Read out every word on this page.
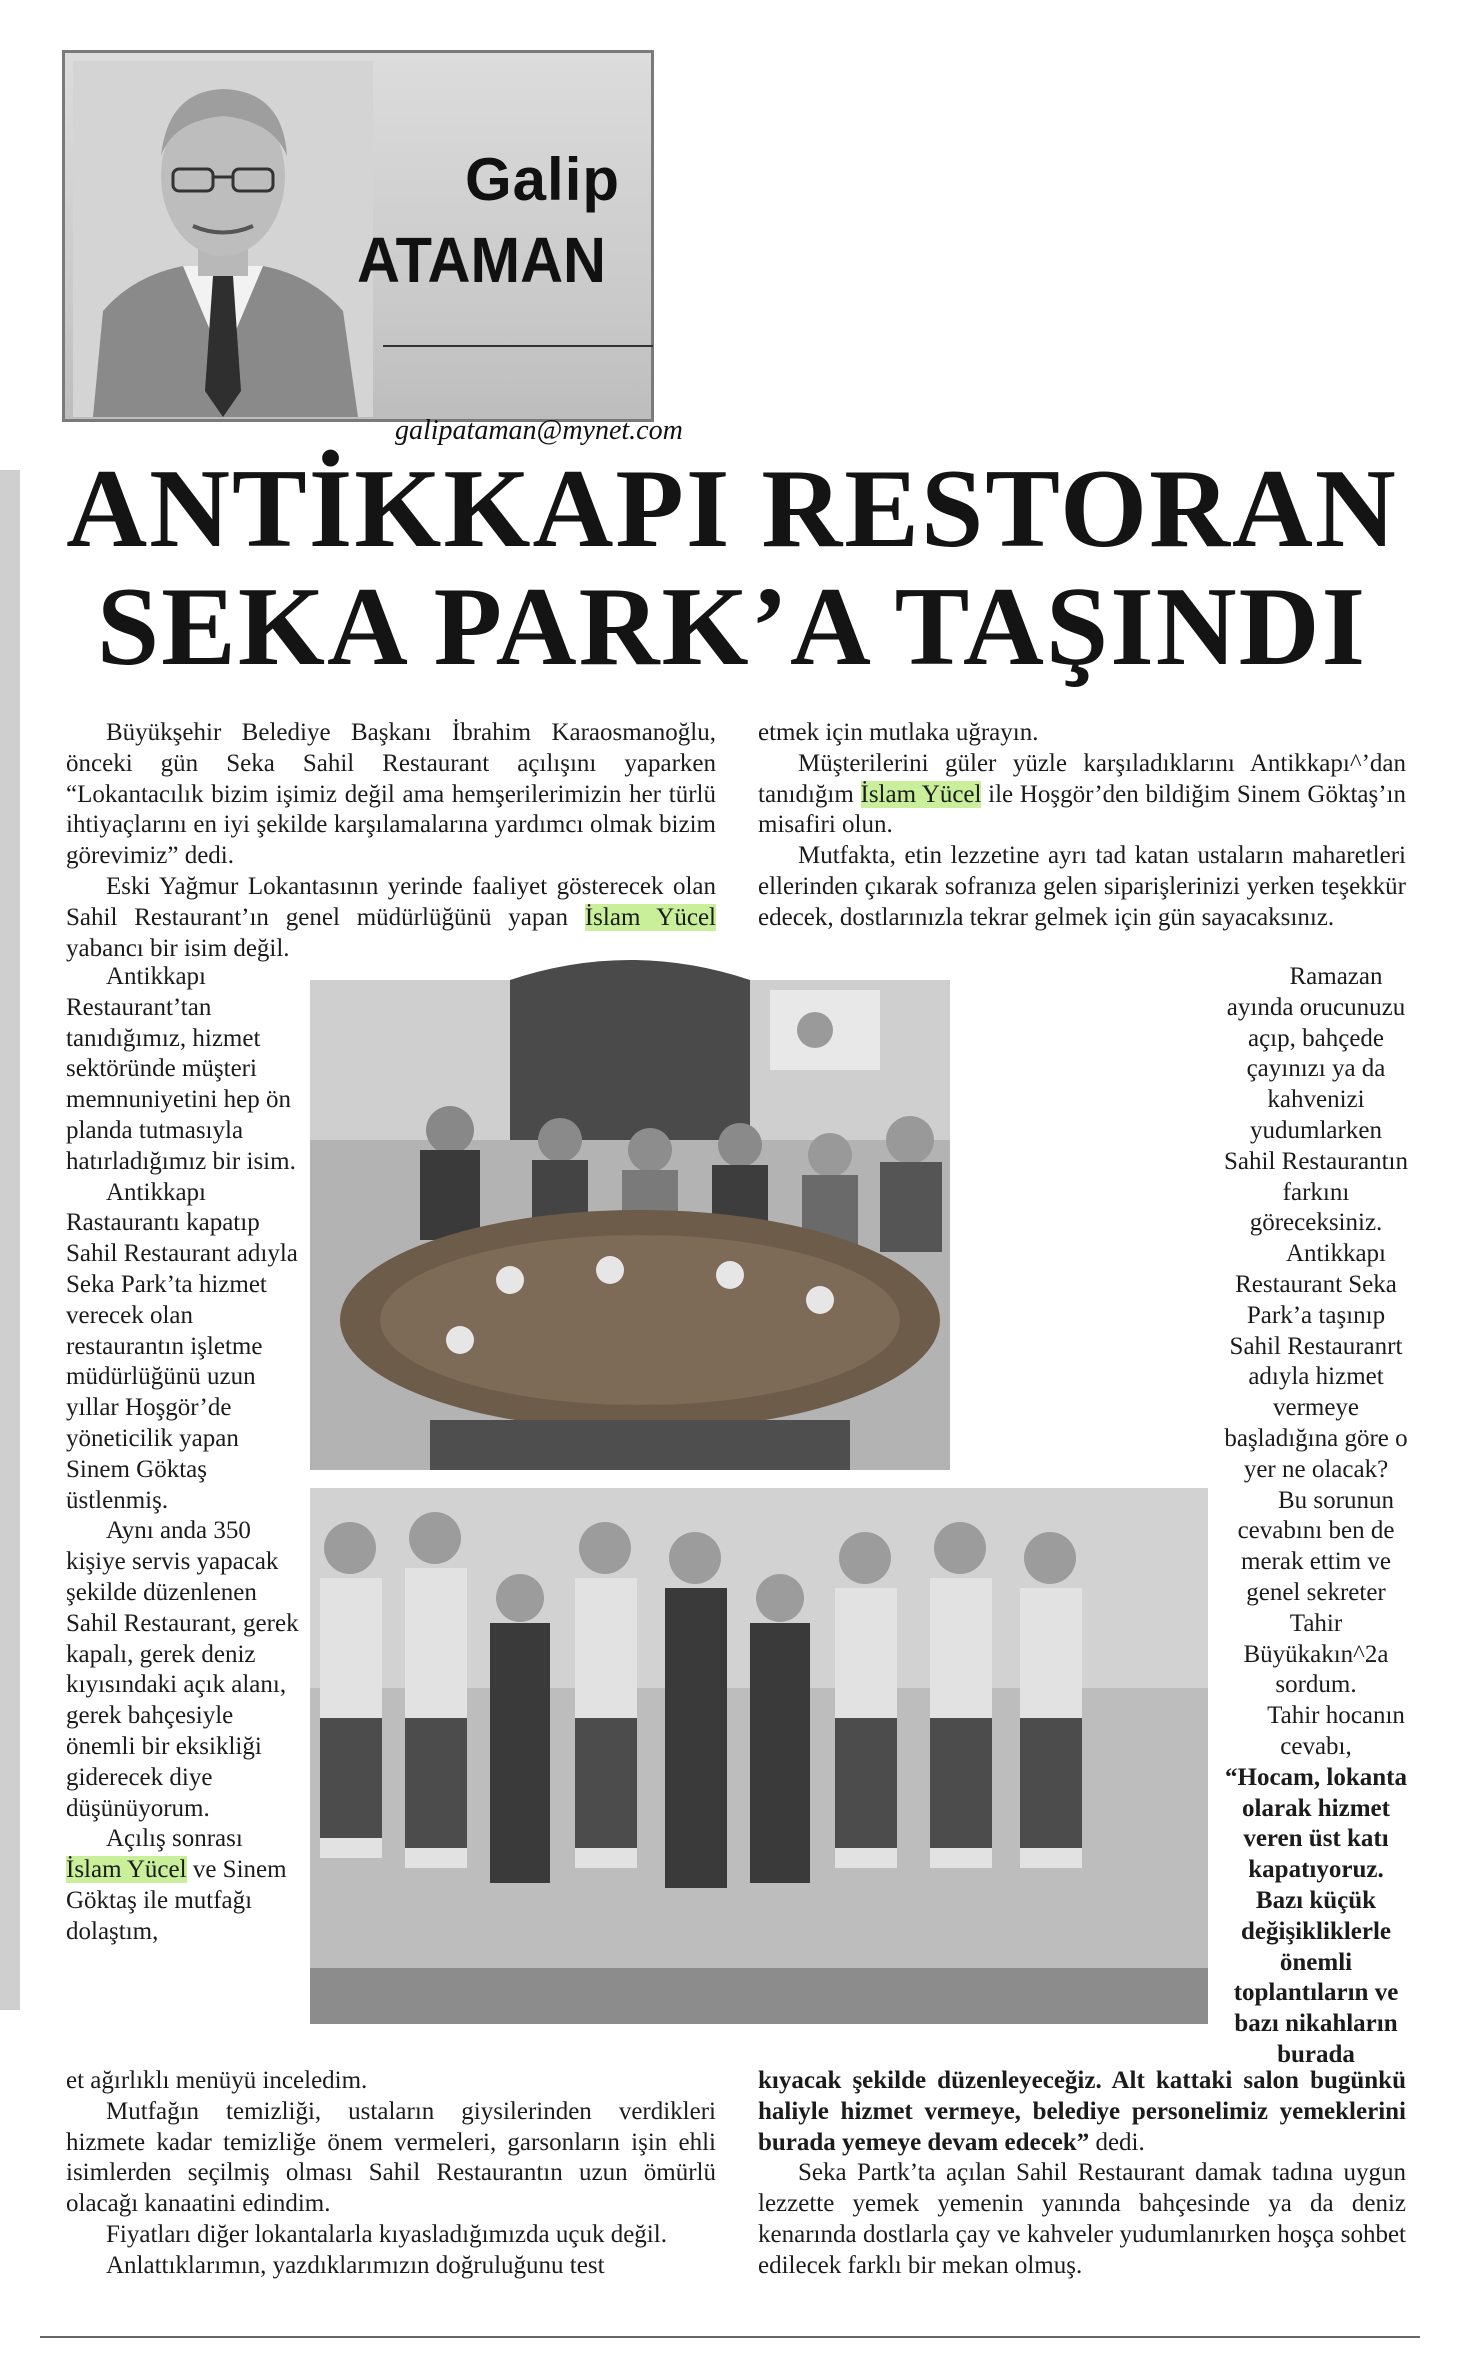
Galip
ATAMAN
galipataman@mynet.com
ANTİKKAPI RESTORAN
SEKA PARK’A TAŞINDI

Büyükşehir Belediye Başkanı İbrahim Karaosmanoğlu, önceki gün Seka Sahil Restaurant açılışını yaparken “Lokantacılık bizim işimiz değil ama hemşerilerimizin her türlü ihtiyaçlarını en iyi şekilde karşılamalarına yardımcı olmak bizim görevimiz” dedi.

Eski Yağmur Lokantasının yerinde faaliyet gösterecek olan Sahil Restaurant’ın genel müdürlüğünü yapan İslam Yücel yabancı bir isim değil.

Antikkapı Restaurant’tan tanıdığımız, hizmet sektöründe müşteri memnuniyetini hep ön planda tutmasıyla hatırladığımız bir isim.

Antikkapı Rastaurantı kapatıp Sahil Restaurant adıyla Seka Park’ta hizmet verecek olan restaurantın işletme müdürlüğünü uzun yıllar Hoşgör’de yöneticilik yapan Sinem Göktaş üstlenmiş.

Aynı anda 350 kişiye servis yapacak şekilde düzenlenen Sahil Restaurant, gerek kapalı, gerek deniz kıyısındaki açık alanı, gerek bahçesiyle önemli bir eksikliği giderecek diye düşünüyorum.

Açılış sonrası İslam Yücel ve Sinem Göktaş ile mutfağı dolaştım,

et ağırlıklı menüyü inceledim.

Mutfağın temizliği, ustaların giysilerinden verdikleri hizmete kadar temizliğe önem vermeleri, garsonların işin ehli isimlerden seçilmiş olması Sahil Restaurantın uzun ömürlü olacağı kanaatini edindim.

Fiyatları diğer lokantalarla kıyasladığımızda uçuk değil.

Anlattıklarımın, yazdıklarımızın doğruluğunu test

etmek için mutlaka uğrayın.

Müşterilerini güler yüzle karşıladıklarını Antikkapı^’dan tanıdığım İslam Yücel ile Hoşgör’den bildiğim Sinem Göktaş’ın misafiri olun.

Mutfakta, etin lezzetine ayrı tad katan ustaların maharetleri ellerinden çıkarak sofranıza gelen siparişlerinizi yerken teşekkür edecek, dostlarınızla tekrar gelmek için gün sayacaksınız.

Ramazan ayında orucunuzu açıp, bahçede çayınızı ya da kahvenizi yudumlarken Sahil Restaurantın farkını göreceksiniz.

Antikkapı Restaurant Seka Park’a taşınıp Sahil Restauranrt adıyla hizmet vermeye başladığına göre o yer ne olacak?

Bu sorunun cevabını ben de merak ettim ve genel sekreter Tahir Büyükakın^2a sordum.

Tahir hocanın cevabı,

“Hocam, lokanta olarak hizmet veren üst katı kapatıyoruz. Bazı küçük değişikliklerle önemli toplantıların ve bazı nikahların burada

kıyacak şekilde düzenleyeceğiz. Alt kattaki salon bugünkü haliyle hizmet vermeye, belediye personelimiz yemeklerini burada yemeye devam edecek” dedi.

Seka Partk’ta açılan Sahil Restaurant damak tadına uygun lezzette yemek yemenin yanında bahçesinde ya da deniz kenarında dostlarla çay ve kahveler yudumlanırken hoşça sohbet edilecek farklı bir mekan olmuş.
